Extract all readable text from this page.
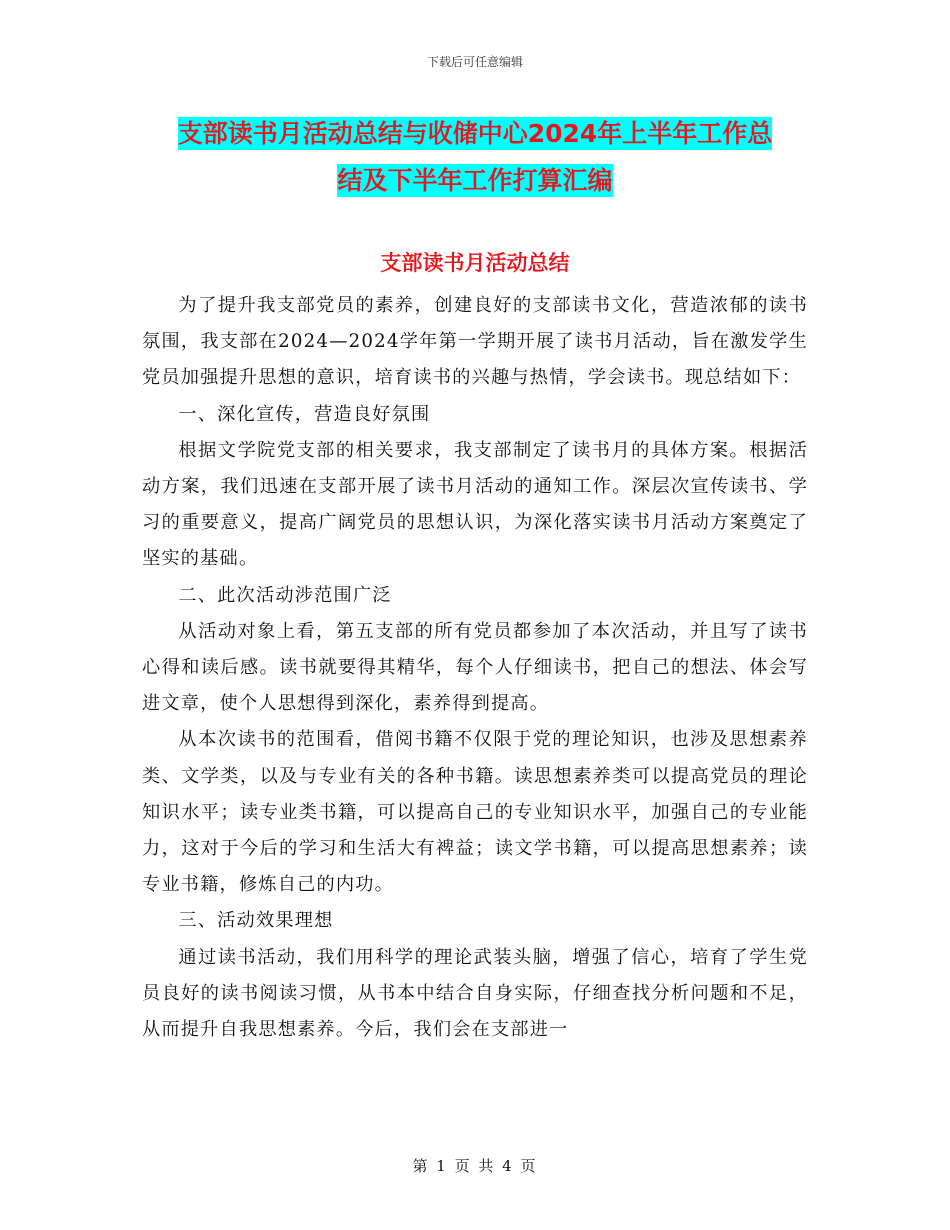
下载后可任意编辑
支部读书月活动总结与收储中心2024年上半年工作总
结及下半年工作打算汇编
支部读书月活动总结

为了提升我支部党员的素养，创建良好的支部读书文化，营造浓郁的读书氛围，我支部在2024—2024学年第一学期开展了读书月活动，旨在激发学生党员加强提升思想的意识，培育读书的兴趣与热情，学会读书。现总结如下：

一、深化宣传，营造良好氛围

根据文学院党支部的相关要求，我支部制定了读书月的具体方案。根据活动方案，我们迅速在支部开展了读书月活动的通知工作。深层次宣传读书、学习的重要意义，提高广阔党员的思想认识，为深化落实读书月活动方案奠定了坚实的基础。

二、此次活动涉范围广泛

从活动对象上看，第五支部的所有党员都参加了本次活动，并且写了读书心得和读后感。读书就要得其精华，每个人仔细读书，把自己的想法、体会写进文章，使个人思想得到深化，素养得到提高。

从本次读书的范围看，借阅书籍不仅限于党的理论知识，也涉及思想素养类、文学类，以及与专业有关的各种书籍。读思想素养类可以提高党员的理论知识水平；读专业类书籍，可以提高自己的专业知识水平，加强自己的专业能力，这对于今后的学习和生活大有裨益；读文学书籍，可以提高思想素养；读专业书籍，修炼自己的内功。

三、活动效果理想

通过读书活动，我们用科学的理论武装头脑，增强了信心，培育了学生党员良好的读书阅读习惯，从书本中结合自身实际，仔细查找分析问题和不足，从而提升自我思想素养。今后，我们会在支部进一

第 1 页 共 4 页
